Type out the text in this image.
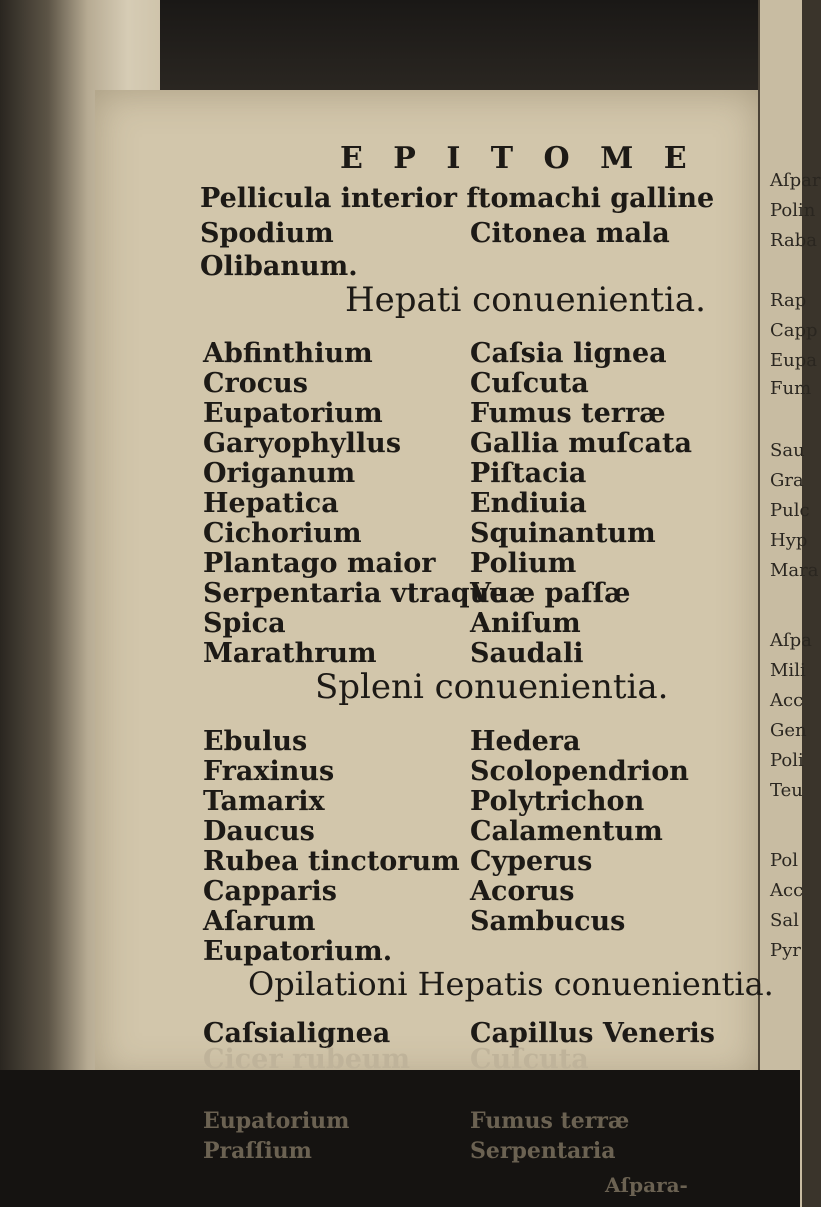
Aſpar
Polin
Raba
Rap
Capp
Eupa
Fum
Sau
Gra
Pulc
Hyp
Mara
Aſpa
Mili
Acc
Gen
Poli
Teu
Pol
Acc
Sal
Pyr
E P I T O M E
Pellicula interior ftomachi galline
Spodium	Citonea mala
Olibanum.
Hepati conuenientia.
Abfinthium
Crocus
Eupatorium
Garyophyllus
Origanum
Hepatica
Cichorium
Plantago maior
Serpentaria vtraque
Spica
Marathrum
Caſsia lignea
Cuſcuta
Fumus terræ
Gallia muſcata
Piſtacia
Endiuia
Squinantum
Polium
Vuæ paſſæ
Aniſum
Saudali
Spleni conuenientia.
Ebulus
Fraxinus
Tamarix
Daucus
Rubea tinctorum
Capparis
Aſarum
Eupatorium.
Hedera
Scolopendrion
Polytrichon
Calamentum
Cyperus
Acorus
Sambucus
Opilationi Hepatis conuenientia.
Caſsialignea
Cicer rubeum
Capillus Veneris
Cuſcuta
Eupatorium
Praſſium
Fumus terræ
Serpentaria
Aſpara-
